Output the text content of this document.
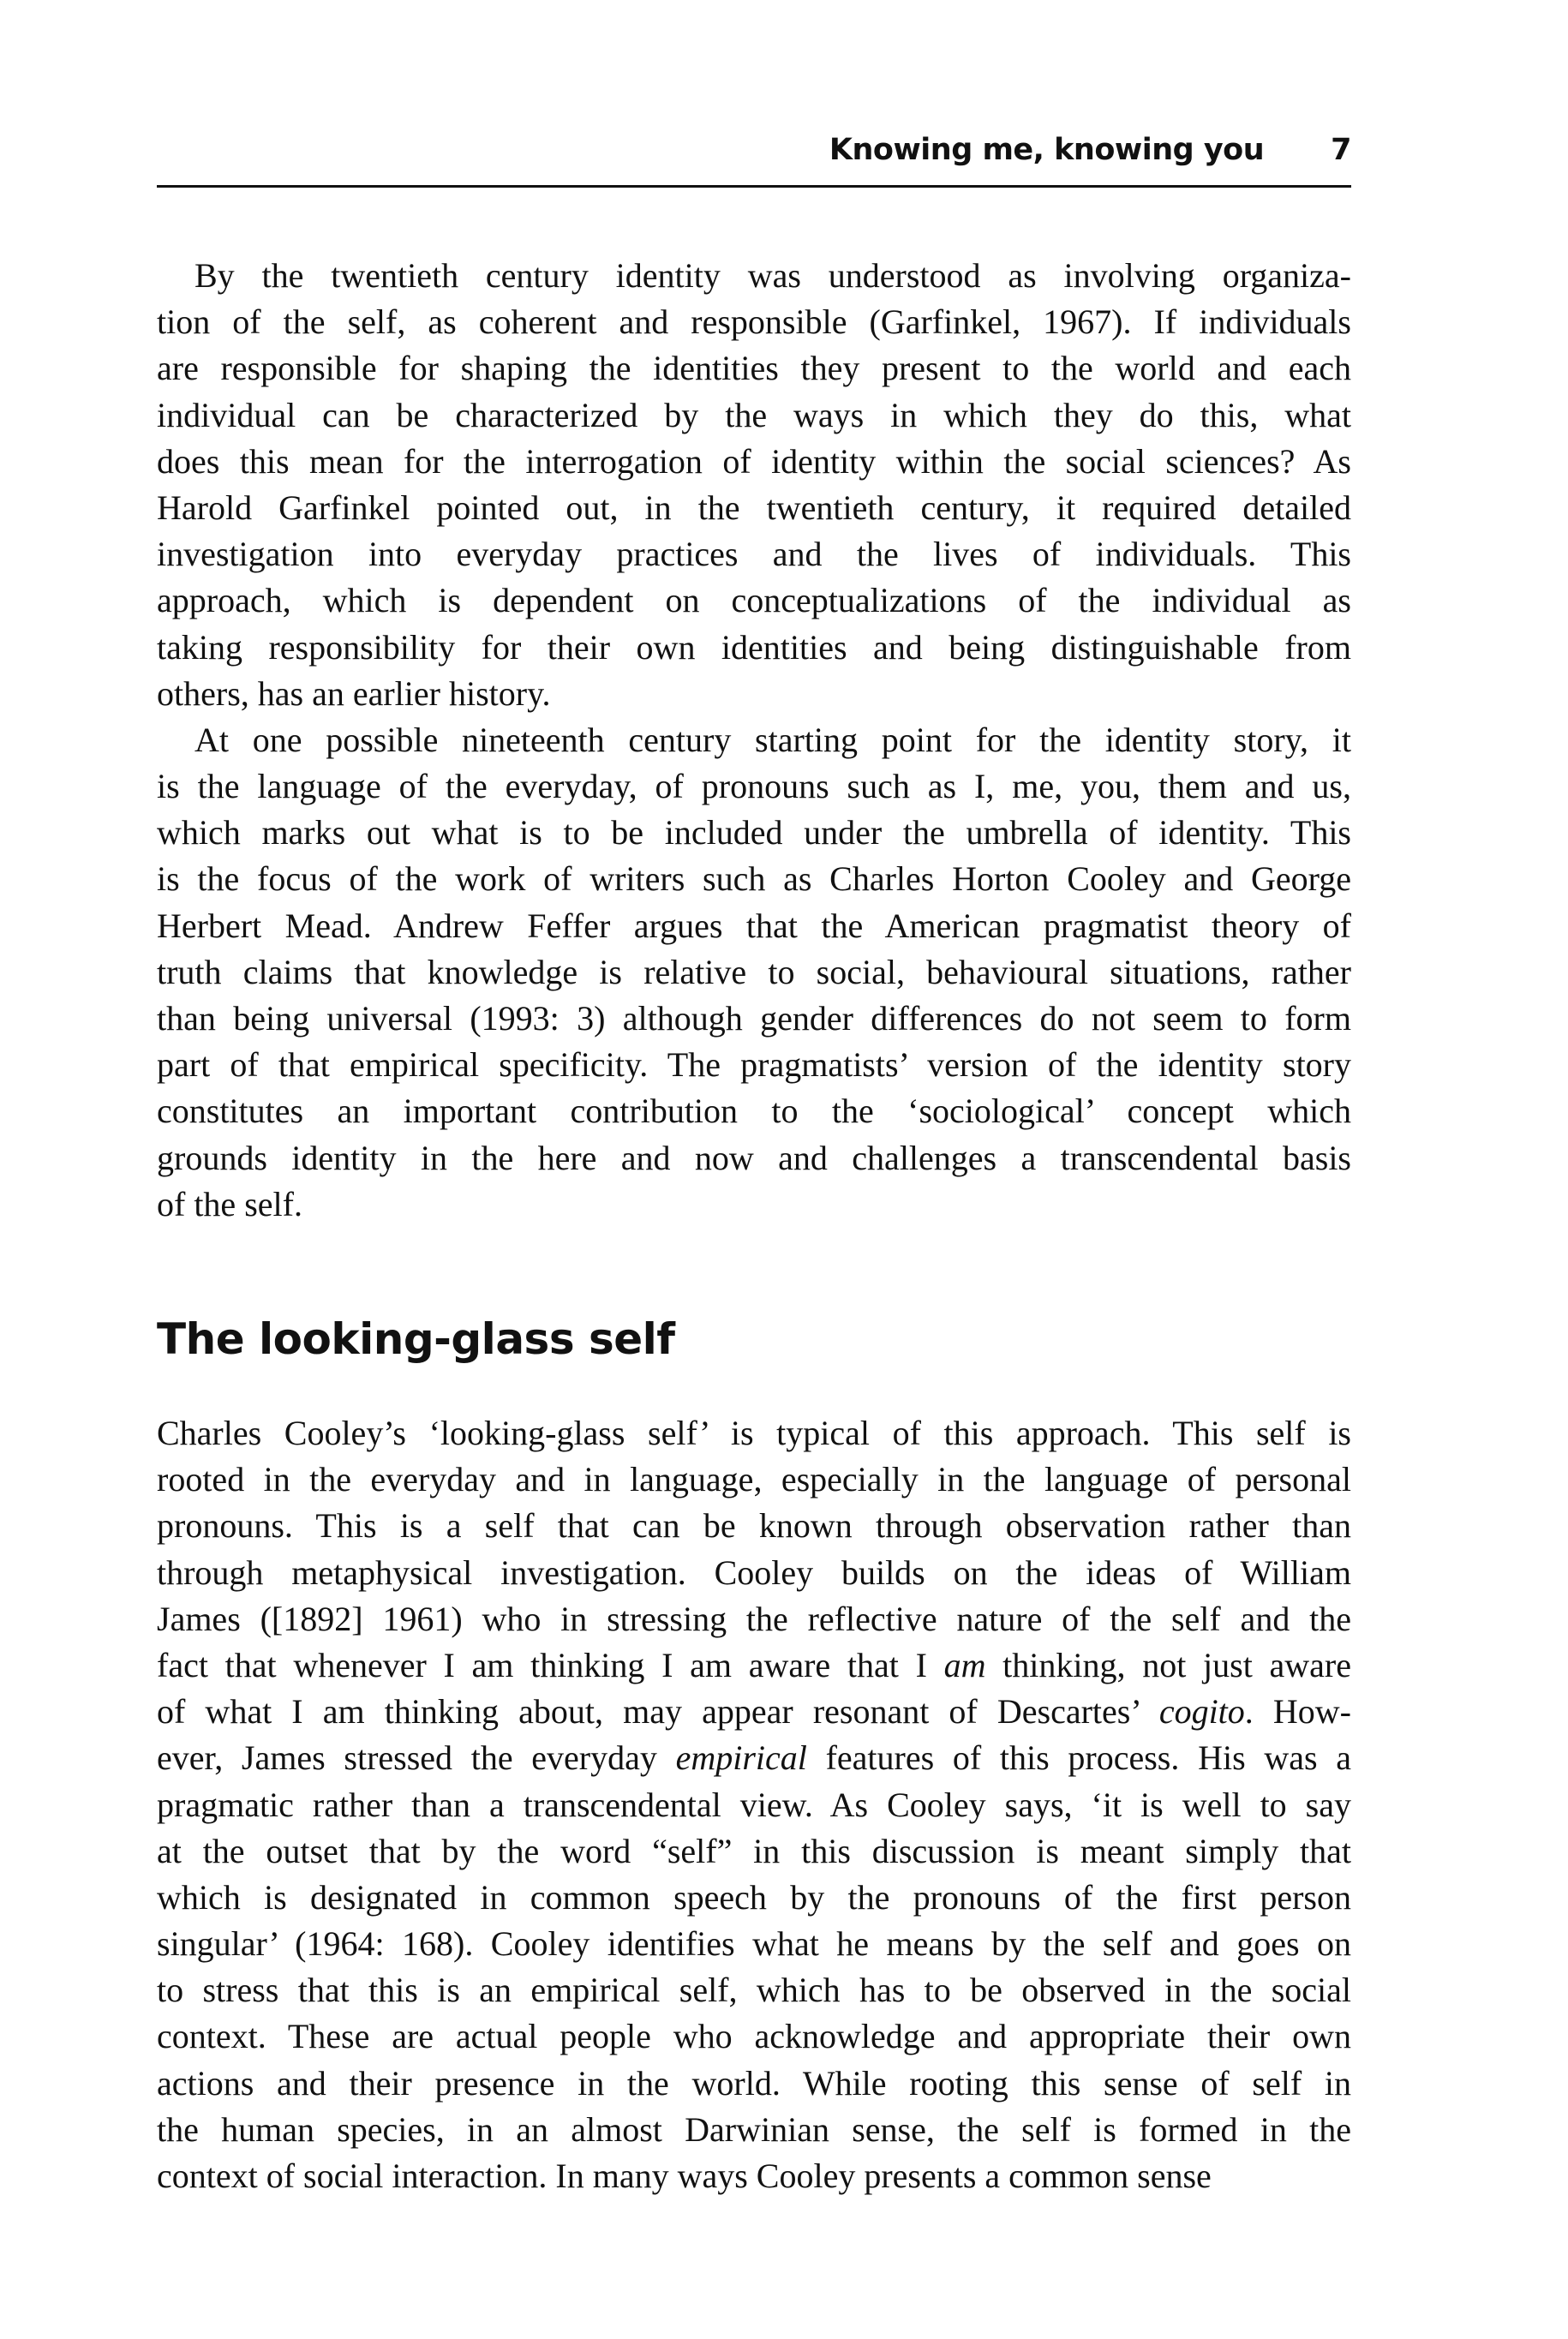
Knowing me, knowing you 7
By the twentieth century identity was understood as involving organiza-
tion of the self, as coherent and responsible (Garfinkel, 1967). If individuals
are responsible for shaping the identities they present to the world and each
individual can be characterized by the ways in which they do this, what
does this mean for the interrogation of identity within the social sciences? As
Harold Garfinkel pointed out, in the twentieth century, it required detailed
investigation into everyday practices and the lives of individuals. This
approach, which is dependent on conceptualizations of the individual as
taking responsibility for their own identities and being distinguishable from
others, has an earlier history.
At one possible nineteenth century starting point for the identity story, it
is the language of the everyday, of pronouns such as I, me, you, them and us,
which marks out what is to be included under the umbrella of identity. This
is the focus of the work of writers such as Charles Horton Cooley and George
Herbert Mead. Andrew Feffer argues that the American pragmatist theory of
truth claims that knowledge is relative to social, behavioural situations, rather
than being universal (1993: 3) although gender differences do not seem to form
part of that empirical specificity. The pragmatists’ version of the identity story
constitutes an important contribution to the ‘sociological’ concept which
grounds identity in the here and now and challenges a transcendental basis
of the self.
The looking-glass self
Charles Cooley’s ‘looking-glass self’ is typical of this approach. This self is
rooted in the everyday and in language, especially in the language of personal
pronouns. This is a self that can be known through observation rather than
through metaphysical investigation. Cooley builds on the ideas of William
James ([1892] 1961) who in stressing the reflective nature of the self and the
fact that whenever I am thinking I am aware that I am thinking, not just aware
of what I am thinking about, may appear resonant of Descartes’ cogito. How-
ever, James stressed the everyday empirical features of this process. His was a
pragmatic rather than a transcendental view. As Cooley says, ‘it is well to say
at the outset that by the word “self” in this discussion is meant simply that
which is designated in common speech by the pronouns of the first person
singular’ (1964: 168). Cooley identifies what he means by the self and goes on
to stress that this is an empirical self, which has to be observed in the social
context. These are actual people who acknowledge and appropriate their own
actions and their presence in the world. While rooting this sense of self in
the human species, in an almost Darwinian sense, the self is formed in the
context of social interaction. In many ways Cooley presents a common sense
